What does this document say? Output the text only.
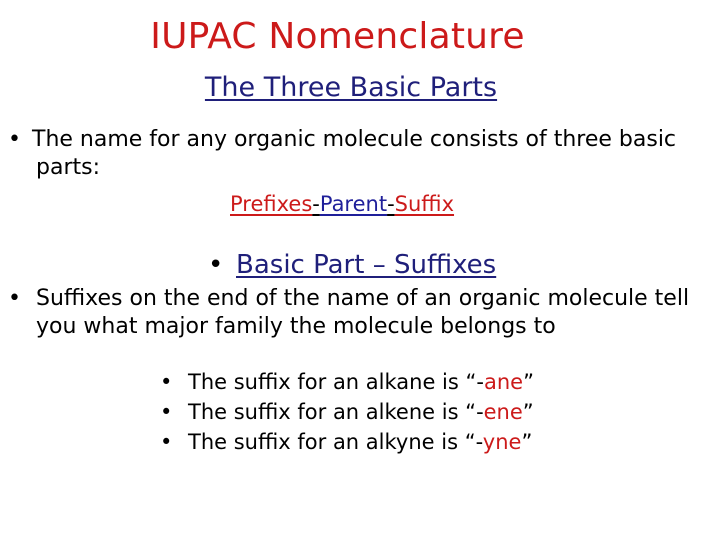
IUPAC Nomenclature
The Three Basic Parts
• The name for any organic molecule consists of three basic
parts:
Prefixes-Parent-Suffix
• Basic Part – Suffixes
• Suffixes on the end of the name of an organic molecule tell
you what major family the molecule belongs to
• The suffix for an alkane is “-ane”
• The suffix for an alkene is “-ene”
• The suffix for an alkyne is “-yne”
